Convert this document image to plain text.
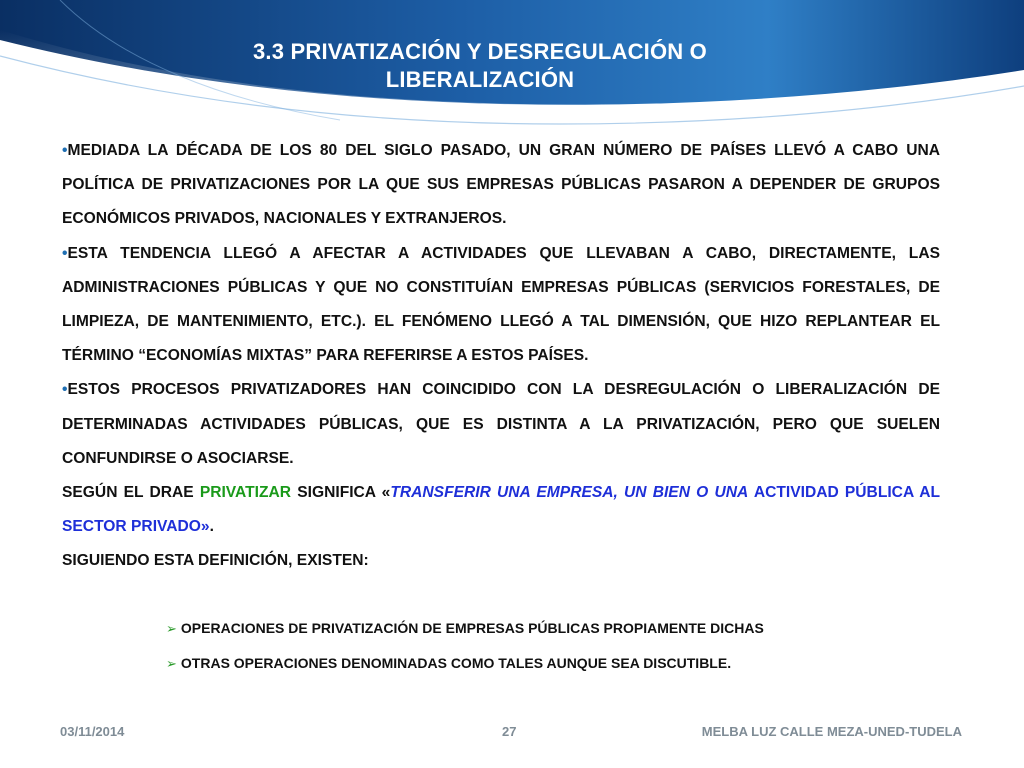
3.3 PRIVATIZACIÓN Y DESREGULACIÓN O
LIBERALIZACIÓN

•MEDIADA LA DÉCADA DE LOS 80 DEL SIGLO PASADO, UN GRAN NÚMERO DE PAÍSES LLEVÓ A CABO UNA POLÍTICA DE PRIVATIZACIONES POR LA QUE SUS EMPRESAS PÚBLICAS PASARON A DEPENDER DE GRUPOS ECONÓMICOS PRIVADOS, NACIONALES Y EXTRANJEROS.

•ESTA TENDENCIA LLEGÓ A AFECTAR A ACTIVIDADES QUE LLEVABAN A CABO, DIRECTAMENTE, LAS ADMINISTRACIONES PÚBLICAS Y QUE NO CONSTITUÍAN EMPRESAS PÚBLICAS (SERVICIOS FORESTALES, DE LIMPIEZA, DE MANTENIMIENTO, ETC.). EL FENÓMENO LLEGÓ A TAL DIMENSIÓN, QUE HIZO REPLANTEAR EL TÉRMINO “ECONOMÍAS MIXTAS” PARA REFERIRSE A ESTOS PAÍSES.

•ESTOS PROCESOS PRIVATIZADORES HAN COINCIDIDO CON LA DESREGULACIÓN O LIBERALIZACIÓN DE DETERMINADAS ACTIVIDADES PÚBLICAS, QUE ES DISTINTA A LA PRIVATIZACIÓN, PERO QUE SUELEN CONFUNDIRSE O ASOCIARSE.

SEGÚN EL DRAE PRIVATIZAR SIGNIFICA «TRANSFERIR UNA EMPRESA, UN BIEN O UNA ACTIVIDAD PÚBLICA AL SECTOR PRIVADO».

SIGUIENDO ESTA DEFINICIÓN, EXISTEN:

➢ OPERACIONES DE PRIVATIZACIÓN DE EMPRESAS PÚBLICAS PROPIAMENTE DICHAS
➢ OTRAS OPERACIONES DENOMINADAS COMO TALES AUNQUE SEA DISCUTIBLE.
03/11/2014	27	MELBA LUZ CALLE MEZA-UNED-TUDELA
